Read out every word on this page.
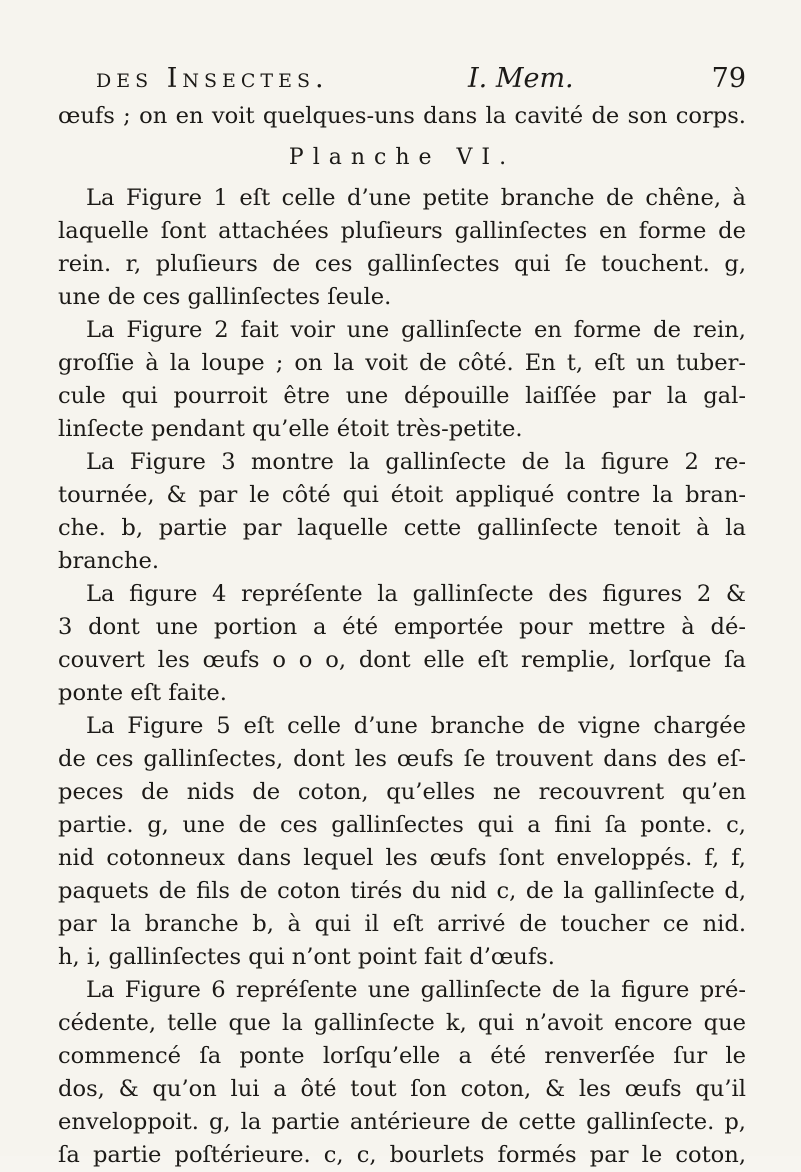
des Insectes.	I. Mem.	79
œufs ; on en voit quelques-uns dans la cavité de son corps.
Planche VI.
La Figure 1 eſt celle d’une petite branche de chêne, à
laquelle ſont attachées pluſieurs gallinſectes en forme de
rein. r, pluſieurs de ces gallinſectes qui ſe touchent. g,
une de ces gallinſectes ſeule.
La Figure 2 fait voir une gallinſecte en forme de rein,
groſſie à la loupe ; on la voit de côté. En t, eſt un tuber-
cule qui pourroit être une dépouille laiſſée par la gal-
linſecte pendant qu’elle étoit très-petite.
La Figure 3 montre la gallinſecte de la figure 2 re-
tournée, & par le côté qui étoit appliqué contre la bran-
che. b, partie par laquelle cette gallinſecte tenoit à la
branche.
La figure 4 repréſente la gallinſecte des figures 2 &
3 dont une portion a été emportée pour mettre à dé-
couvert les œufs o o o, dont elle eſt remplie, lorſque ſa
ponte eſt faite.
La Figure 5 eſt celle d’une branche de vigne chargée
de ces gallinſectes, dont les œufs ſe trouvent dans des eſ-
peces de nids de coton, qu’elles ne recouvrent qu’en
partie. g, une de ces gallinſectes qui a fini ſa ponte. c,
nid cotonneux dans lequel les œufs ſont enveloppés. f, f,
paquets de fils de coton tirés du nid c, de la gallinſecte d,
par la branche b, à qui il eſt arrivé de toucher ce nid.
h, i, gallinſectes qui n’ont point fait d’œufs.
La Figure 6 repréſente une gallinſecte de la figure pré-
cédente, telle que la gallinſecte k, qui n’avoit encore que
commencé ſa ponte lorſqu’elle a été renverſée ſur le
dos, & qu’on lui a ôté tout ſon coton, & les œufs qu’il
enveloppoit. g, la partie antérieure de cette gallinſecte. p,
ſa partie poſtérieure. c, c, bourlets formés par le coton,
